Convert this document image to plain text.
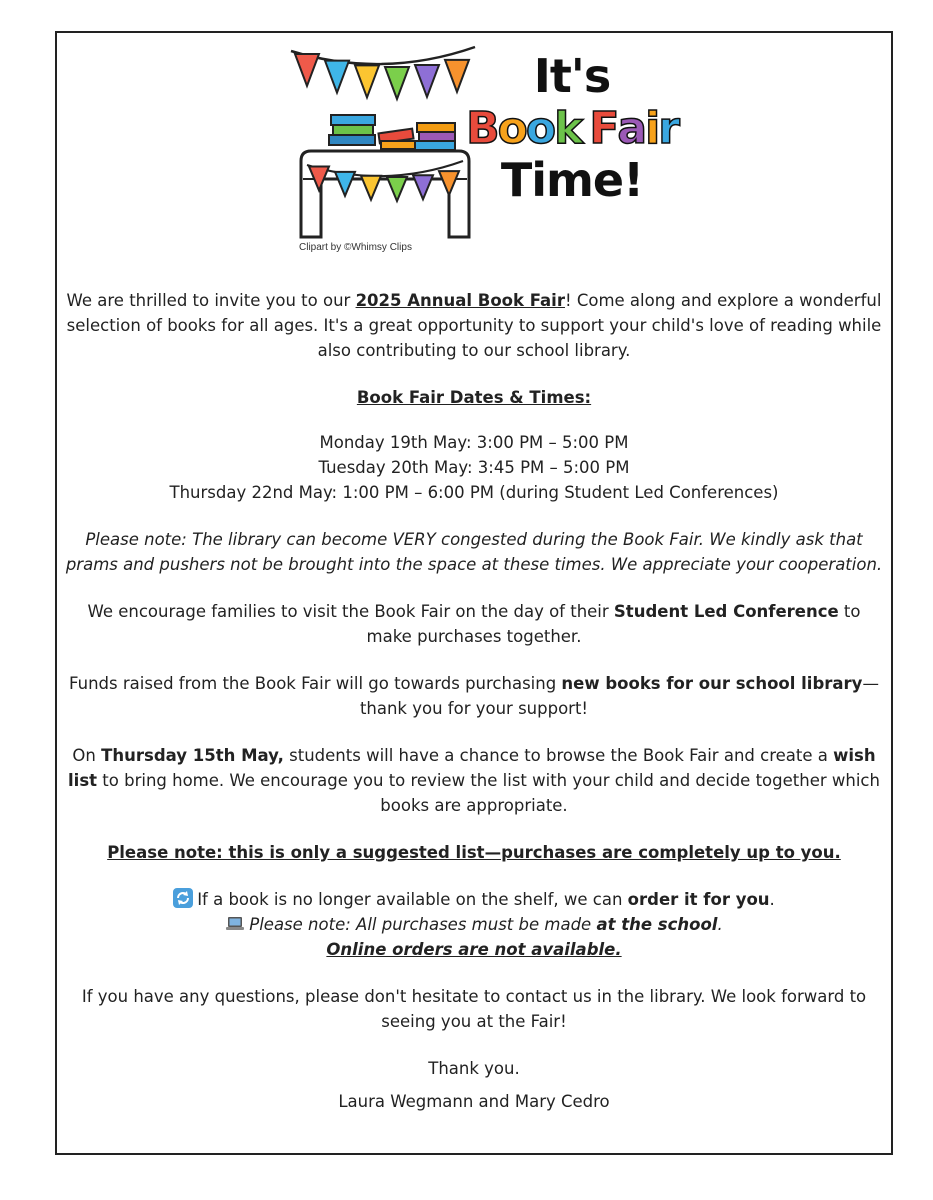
Clipart by ©Whimsy Clips
It's
Book Fair
Time!

We are thrilled to invite you to our 2025 Annual Book Fair! Come along and explore a wonderful selection of books for all ages. It's a great opportunity to support your child's love of reading while also contributing to our school library.

Book Fair Dates & Times:

Monday 19th May: 3:00 PM – 5:00 PM

Tuesday 20th May: 3:45 PM – 5:00 PM

Thursday 22nd May: 1:00 PM – 6:00 PM (during Student Led Conferences)

Please note: The library can become VERY congested during the Book Fair. We kindly ask that prams and pushers not be brought into the space at these times. We appreciate your cooperation.

We encourage families to visit the Book Fair on the day of their Student Led Conference to make purchases together.

Funds raised from the Book Fair will go towards purchasing new books for our school library—thank you for your support!

On Thursday 15th May, students will have a chance to browse the Book Fair and create a wish list to bring home. We encourage you to review the list with your child and decide together which books are appropriate.

Please note: this is only a suggested list—purchases are completely up to you.

If a book is no longer available on the shelf, we can order it for you.
Please note: All purchases must be made at the school.
Online orders are not available.

If you have any questions, please don't hesitate to contact us in the library. We look forward to seeing you at the Fair!

Thank you.

Laura Wegmann and Mary Cedro
